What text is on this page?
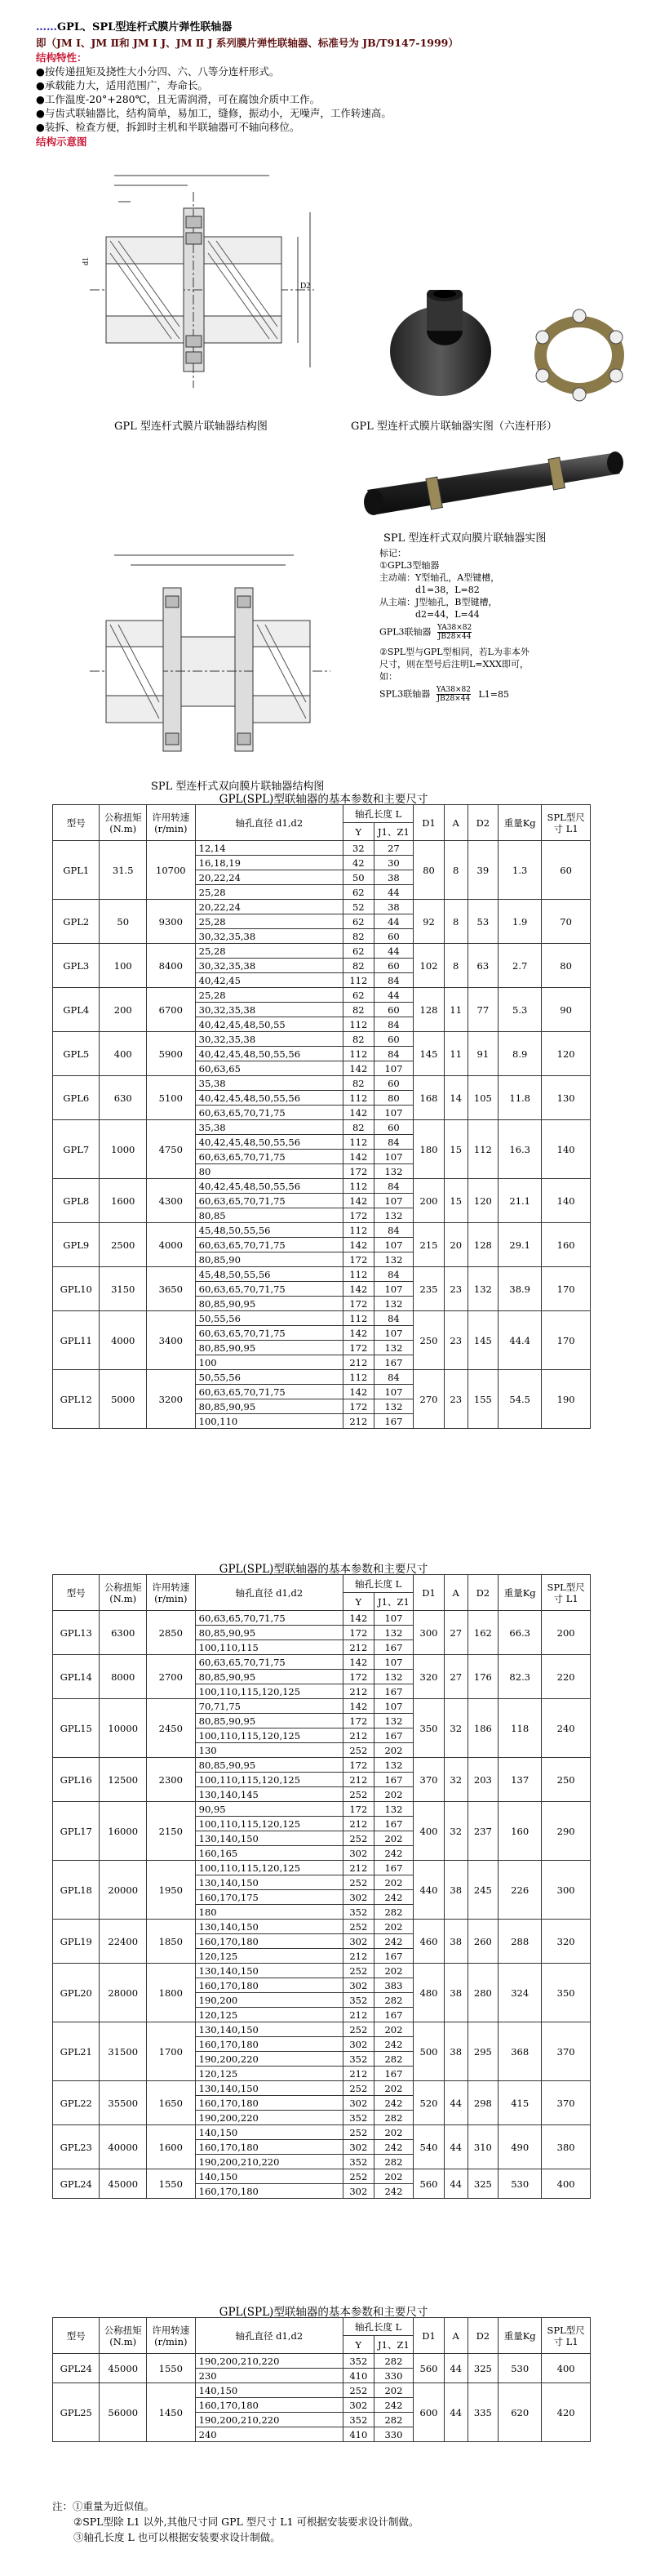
……GPL、SPL型连杆式膜片弹性联轴器
即（JM Ⅰ、JM Ⅱ和 JM Ⅰ J、JM Ⅱ J 系列膜片弹性联轴器、标准号为 JB/T9147-1999）
结构特性：
●按传递扭矩及挠性大小分四、六、八等分连杆形式。
●承载能力大，适用范围广，寿命长。
●工作温度-20°+280℃，且无需润滑，可在腐蚀介质中工作。
●与齿式联轴器比，结构简单，易加工，缝修，振动小，无噪声，工作转速高。
●装拆、检查方便，拆卸时主机和半联轴器可不轴向移位。
结构示意图
d1
D2
GPL 型连杆式膜片联轴器结构图	GPL 型连杆式膜片联轴器实图（六连杆形）
SPL 型连杆式双向膜片联轴器实图
标记：
①GPL3型轴器
主动端：Y型轴孔，A型键槽，
d1=38，L=82
从主端：J型轴孔，B型键槽，
d2=44，L=44
GPL3联轴器 $\frac{YA38\times 82}{JB28\times 44}$
②SPL型与GPL型相同，若L为非本外
尺寸，则在型号后注明L=XXX即可，
如：
SPL3联轴器 $\frac{YA38\times 82}{JB28\times 44} L1=85$
SPL 型连杆式双向膜片联轴器结构图
GPL(SPL)型联轴器的基本参数和主要尺寸
GPL(SPL)型联轴器的基本参数和主要尺寸
GPL(SPL)型联轴器的基本参数和主要尺寸
型号	公称扭矩(N.m)	许用转速(r/min)	轴孔直径 d1,d2	轴孔长度 L		D1	A	D2	重量Kg	SPL型尺寸 L1
				Y	J1、Z1					
GPL1	31.5	10700	12,14	32	27	80	8	39	1.3	60
			16,18,19	42	30					
			20,22,24	50	38					
			25,28	62	44					
GPL2	50	9300	20,22,24	52	38	92	8	53	1.9	70
			25,28	62	44					
			30,32,35,38	82	60					
GPL3	100	8400	25,28	62	44	102	8	63	2.7	80
			30,32,35,38	82	60					
			40,42,45	112	84					
GPL4	200	6700	25,28	62	44	128	11	77	5.3	90
			30,32,35,38	82	60					
			40,42,45,48,50,55	112	84					
GPL5	400	5900	30,32,35,38	82	60	145	11	91	8.9	120
			40,42,45,48,50,55,56	112	84					
			60,63,65	142	107					
GPL6	630	5100	35,38	82	60	168	14	105	11.8	130
			40,42,45,48,50,55,56	112	80					
			60,63,65,70,71,75	142	107					
GPL7	1000	4750	35,38	82	60	180	15	112	16.3	140
			40,42,45,48,50,55,56	112	84					
			60,63,65,70,71,75	142	107					
			80	172	132					
GPL8	1600	4300	40,42,45,48,50,55,56	112	84	200	15	120	21.1	140
			60,63,65,70,71,75	142	107					
			80,85	172	132					
GPL9	2500	4000	45,48,50,55,56	112	84	215	20	128	29.1	160
			60,63,65,70,71,75	142	107					
			80,85,90	172	132					
GPL10	3150	3650	45,48,50,55,56	112	84	235	23	132	38.9	170
			60,63,65,70,71,75	142	107					
			80,85,90,95	172	132					
GPL11	4000	3400	50,55,56	112	84	250	23	145	44.4	170
			60,63,65,70,71,75	142	107					
			80,85,90,95	172	132					
			100	212	167					
GPL12	5000	3200	50,55,56	112	84	270	23	155	54.5	190
			60,63,65,70,71,75	142	107					
			80,85,90,95	172	132					
			100,110	212	167					
型号	公称扭矩(N.m)	许用转速(r/min)	轴孔直径 d1,d2	轴孔长度 L		D1	A	D2	重量Kg	SPL型尺寸 L1
				Y	J1、Z1					
GPL13	6300	2850	60,63,65,70,71,75	142	107	300	27	162	66.3	200
			80,85,90,95	172	132					
			100,110,115	212	167					
GPL14	8000	2700	60,63,65,70,71,75	142	107	320	27	176	82.3	220
			80,85,90,95	172	132					
			100,110,115,120,125	212	167					
GPL15	10000	2450	70,71,75	142	107	350	32	186	118	240
			80,85,90,95	172	132					
			100,110,115,120,125	212	167					
			130	252	202					
GPL16	12500	2300	80,85,90,95	172	132	370	32	203	137	250
			100,110,115,120,125	212	167					
			130,140,145	252	202					
GPL17	16000	2150	90,95	172	132	400	32	237	160	290
			100,110,115,120,125	212	167					
			130,140,150	252	202					
			160,165	302	242					
GPL18	20000	1950	100,110,115,120,125	212	167	440	38	245	226	300
			130,140,150	252	202					
			160,170,175	302	242					
			180	352	282					
GPL19	22400	1850	130,140,150	252	202	460	38	260	288	320
			160,170,180	302	242					
			120,125	212	167					
GPL20	28000	1800	130,140,150	252	202	480	38	280	324	350
			160,170,180	302	383					
			190,200	352	282					
			120,125	212	167					
GPL21	31500	1700	130,140,150	252	202	500	38	295	368	370
			160,170,180	302	242					
			190,200,220	352	282					
			120,125	212	167					
GPL22	35500	1650	130,140,150	252	202	520	44	298	415	370
			160,170,180	302	242					
			190,200,220	352	282					
GPL23	40000	1600	140,150	252	202	540	44	310	490	380
			160,170,180	302	242					
			190,200,210,220	352	282					
GPL24	45000	1550	140,150	252	202	560	44	325	530	400
			160,170,180	302	242					
型号	公称扭矩(N.m)	许用转速(r/min)	轴孔直径 d1,d2	轴孔长度 L		D1	A	D2	重量Kg	SPL型尺寸 L1
				Y	J1、Z1					
GPL24	45000	1550	190,200,210,220	352	282	560	44	325	530	400
			230	410	330					
GPL25	56000	1450	140,150	252	202	600	44	335	620	420
			160,170,180	302	242					
			190,200,210,220	352	282					
			240	410	330					
注：①重量为近似值。
②SPL型除 L1 以外,其他尺寸同 GPL 型尺寸 L1 可根据安装要求设计制做。
③轴孔长度 L 也可以根据安装要求设计制做。
